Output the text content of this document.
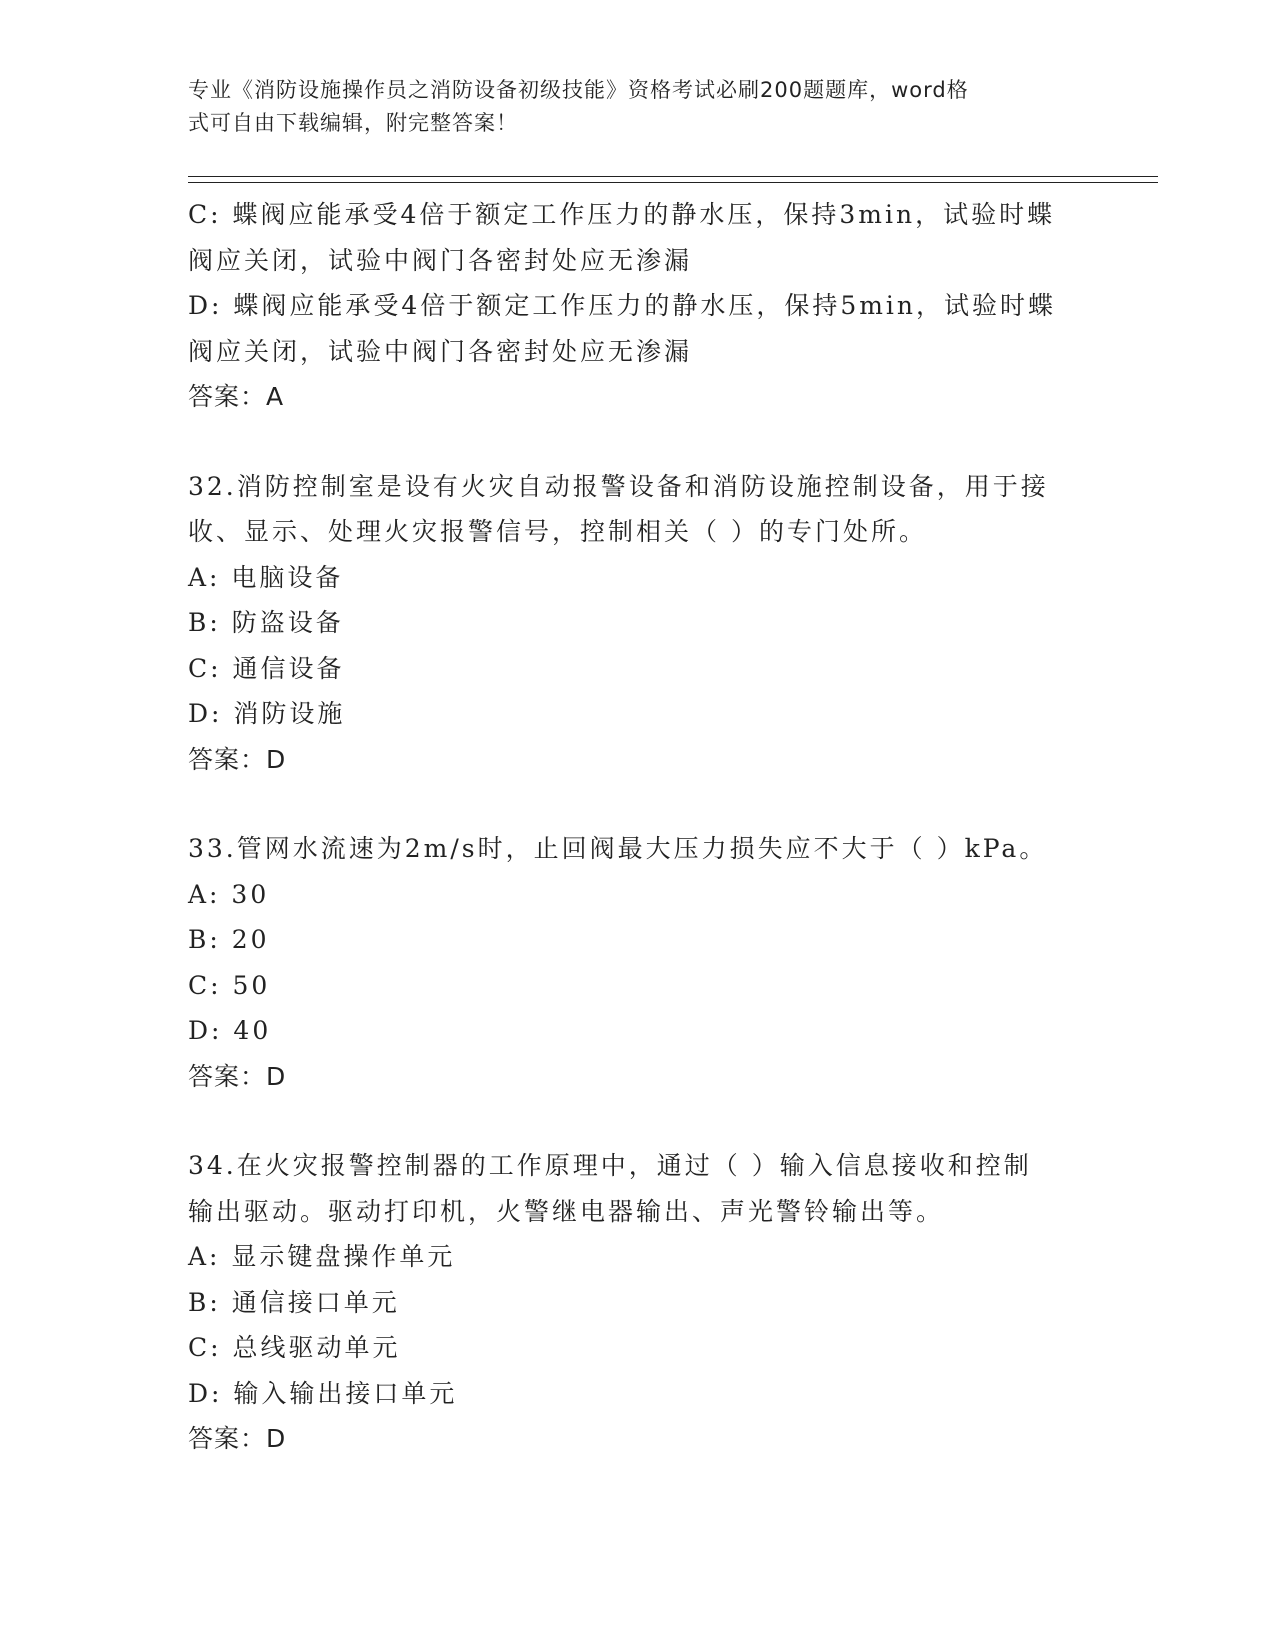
专业《消防设施操作员之消防设备初级技能》资格考试必刷200题题库，word格
式可自由下载编辑，附完整答案！
C: 蝶阀应能承受4倍于额定工作压力的静水压，保持3min，试验时蝶
阀应关闭，试验中阀门各密封处应无渗漏
D: 蝶阀应能承受4倍于额定工作压力的静水压，保持5min，试验时蝶
阀应关闭，试验中阀门各密封处应无渗漏
答案：A
32.消防控制室是设有火灾自动报警设备和消防设施控制设备，用于接
收、显示、处理火灾报警信号，控制相关（ ）的专门处所。
A: 电脑设备
B: 防盗设备
C: 通信设备
D: 消防设施
答案：D
33.管网水流速为2m/s时，止回阀最大压力损失应不大于（ ）kPa。
A: 30
B: 20
C: 50
D: 40
答案：D
34.在火灾报警控制器的工作原理中，通过（ ）输入信息接收和控制
输出驱动。驱动打印机，火警继电器输出、声光警铃输出等。
A: 显示键盘操作单元
B: 通信接口单元
C: 总线驱动单元
D: 输入输出接口单元
答案：D
